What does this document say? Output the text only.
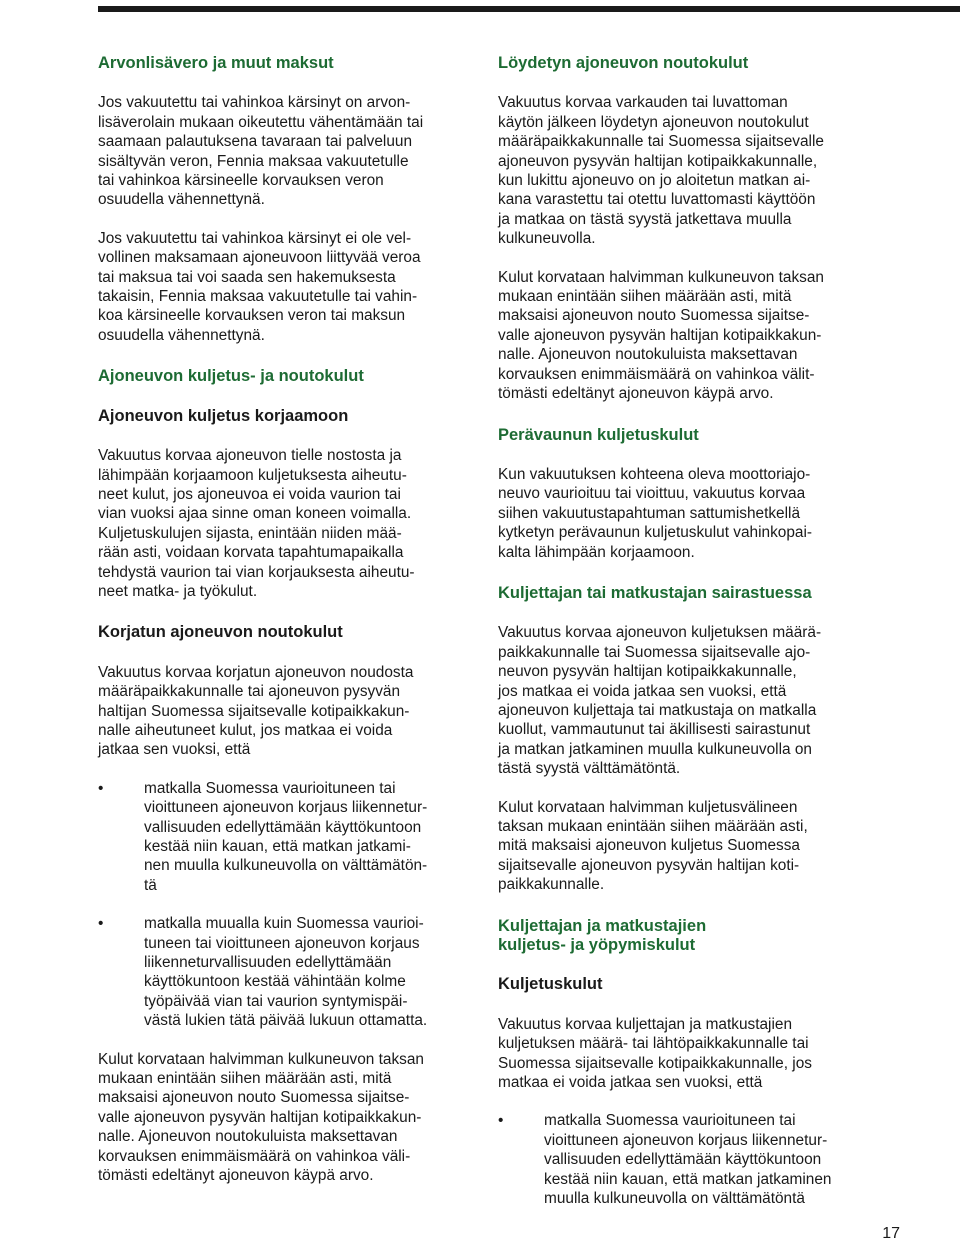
Arvonlisävero ja muut maksut

Jos vakuutettu tai vahinkoa kärsinyt on arvon-
lisäverolain mukaan oikeutettu vähentämään tai
saamaan palautuksena tavaraan tai palveluun
sisältyvän veron, Fennia maksaa vakuutetulle
tai vahinkoa kärsineelle korvauksen veron
osuudella vähennettynä.

Jos vakuutettu tai vahinkoa kärsinyt ei ole vel-
vollinen maksamaan ajoneuvoon liittyvää veroa
tai maksua tai voi saada sen hakemuksesta
takaisin, Fennia maksaa vakuutetulle tai vahin-
koa kärsineelle korvauksen veron tai maksun
osuudella vähennettynä.

Ajoneuvon kuljetus- ja noutokulut
Ajoneuvon kuljetus korjaamoon

Vakuutus korvaa ajoneuvon tielle nostosta ja
lähimpään korjaamoon kuljetuksesta aiheutu-
neet kulut, jos ajoneuvoa ei voida vaurion tai
vian vuoksi ajaa sinne oman koneen voimalla.
Kuljetuskulujen sijasta, enintään niiden mää-
rään asti, voidaan korvata tapahtumapaikalla
tehdystä vaurion tai vian korjauksesta aiheutu-
neet matka- ja työkulut.

Korjatun ajoneuvon noutokulut

Vakuutus korvaa korjatun ajoneuvon noudosta
määräpaikkakunnalle tai ajoneuvon pysyvän
haltijan Suomessa sijaitsevalle kotipaikkakun-
nalle aiheutuneet kulut, jos matkaa ei voida
jatkaa sen vuoksi, että

•	matkalla Suomessa vaurioituneen tai
vioittuneen ajoneuvon korjaus liikennetur-
vallisuuden edellyttämään käyttökuntoon
kestää niin kauan, että matkan jatkami-
nen muulla kulkuneuvolla on välttämätön-
tä

•	matkalla muualla kuin Suomessa vaurioi-
tuneen tai vioittuneen ajoneuvon korjaus
liikenneturvallisuuden edellyttämään
käyttökuntoon kestää vähintään kolme
työpäivää vian tai vaurion syntymispäi-
västä lukien tätä päivää lukuun ottamatta.

Kulut korvataan halvimman kulkuneuvon taksan
mukaan enintään siihen määrään asti, mitä
maksaisi ajoneuvon nouto Suomessa sijaitse-
valle ajoneuvon pysyvän haltijan kotipaikkakun-
nalle. Ajoneuvon noutokuluista maksettavan
korvauksen enimmäismäärä on vahinkoa väli-
tömästi edeltänyt ajoneuvon käypä arvo.

Löydetyn ajoneuvon noutokulut

Vakuutus korvaa varkauden tai luvattoman
käytön jälkeen löydetyn ajoneuvon noutokulut
määräpaikkakunnalle tai Suomessa sijaitsevalle
ajoneuvon pysyvän haltijan kotipaikkakunnalle,
kun lukittu ajoneuvo on jo aloitetun matkan ai-
kana varastettu tai otettu luvattomasti käyttöön
ja matkaa on tästä syystä jatkettava muulla
kulkuneuvolla.

Kulut korvataan halvimman kulkuneuvon taksan
mukaan enintään siihen määrään asti, mitä
maksaisi ajoneuvon nouto Suomessa sijaitse-
valle ajoneuvon pysyvän haltijan kotipaikkakun-
nalle. Ajoneuvon noutokuluista maksettavan
korvauksen enimmäismäärä on vahinkoa välit-
tömästi edeltänyt ajoneuvon käypä arvo.

Perävaunun kuljetuskulut

Kun vakuutuksen kohteena oleva moottoriajo-
neuvo vaurioituu tai vioittuu, vakuutus korvaa
siihen vakuutustapahtuman sattumishetkellä
kytketyn perävaunun kuljetuskulut vahinkopai-
kalta lähimpään korjaamoon.

Kuljettajan tai matkustajan sairastuessa

Vakuutus korvaa ajoneuvon kuljetuksen määrä-
paikkakunnalle tai Suomessa sijaitsevalle ajo-
neuvon pysyvän haltijan kotipaikkakunnalle,
jos matkaa ei voida jatkaa sen vuoksi, että
ajoneuvon kuljettaja tai matkustaja on matkalla
kuollut, vammautunut tai äkillisesti sairastunut
ja matkan jatkaminen muulla kulkuneuvolla on
tästä syystä välttämätöntä.

Kulut korvataan halvimman kuljetusvälineen
taksan mukaan enintään siihen määrään asti,
mitä maksaisi ajoneuvon kuljetus Suomessa
sijaitsevalle ajoneuvon pysyvän haltijan koti-
paikkakunnalle.

Kuljettajan ja matkustajien
kuljetus- ja yöpymiskulut
Kuljetuskulut

Vakuutus korvaa kuljettajan ja matkustajien
kuljetuksen määrä- tai lähtöpaikkakunnalle tai
Suomessa sijaitsevalle kotipaikkakunnalle, jos
matkaa ei voida jatkaa sen vuoksi, että

•	matkalla Suomessa vaurioituneen tai
vioittuneen ajoneuvon korjaus liikennetur-
vallisuuden edellyttämään käyttökuntoon
kestää niin kauan, että matkan jatkaminen
muulla kulkuneuvolla on välttämätöntä

17
